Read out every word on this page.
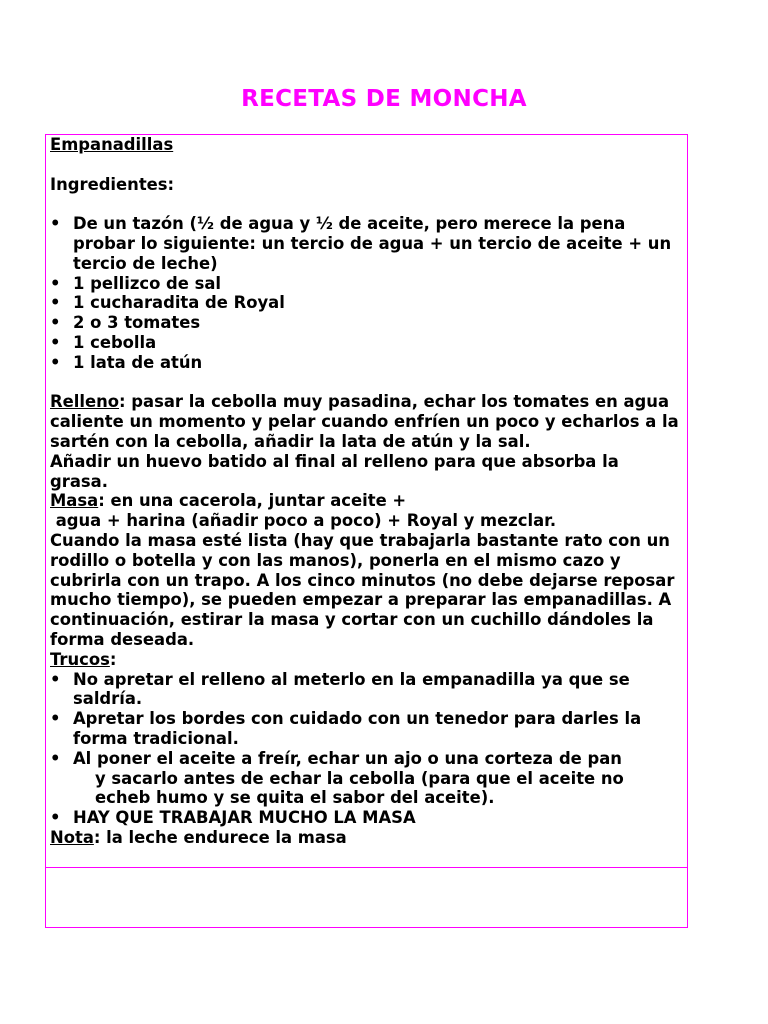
RECETAS DE MONCHA

Empanadillas

Ingredientes:

• De un tazón (½ de agua y ½ de aceite, pero merece la pena probar lo siguiente: un tercio de agua + un tercio de aceite + un tercio de leche)
• 1 pellizco de sal
• 1 cucharadita de Royal
• 2 o 3 tomates
• 1 cebolla
• 1 lata de atún

Relleno: pasar la cebolla muy pasadina, echar los tomates en agua caliente un momento y pelar cuando enfríen un poco y echarlos a la sartén con la cebolla, añadir la lata de atún y la sal.

Añadir un huevo batido al final al relleno para que absorba la grasa.

Masa: en una cacerola, juntar aceite +

agua + harina (añadir poco a poco) + Royal y mezclar.

Cuando la masa esté lista (hay que trabajarla bastante rato con un rodillo o botella y con las manos), ponerla en el mismo cazo y cubrirla con un trapo. A los cinco minutos (no debe dejarse reposar mucho tiempo), se pueden empezar a preparar las empanadillas. A continuación, estirar la masa y cortar con un cuchillo dándoles la forma deseada.

Trucos:

• No apretar el relleno al meterlo en la empanadilla ya que se saldría.
• Apretar los bordes con cuidado con un tenedor para darles la forma tradicional.
• Al poner el aceite a freír, echar un ajo o una corteza de pan
y sacarlo antes de echar la cebolla (para que el aceite no echeb humo y se quita el sabor del aceite).
• HAY QUE TRABAJAR MUCHO LA MASA

Nota: la leche endurece la masa
